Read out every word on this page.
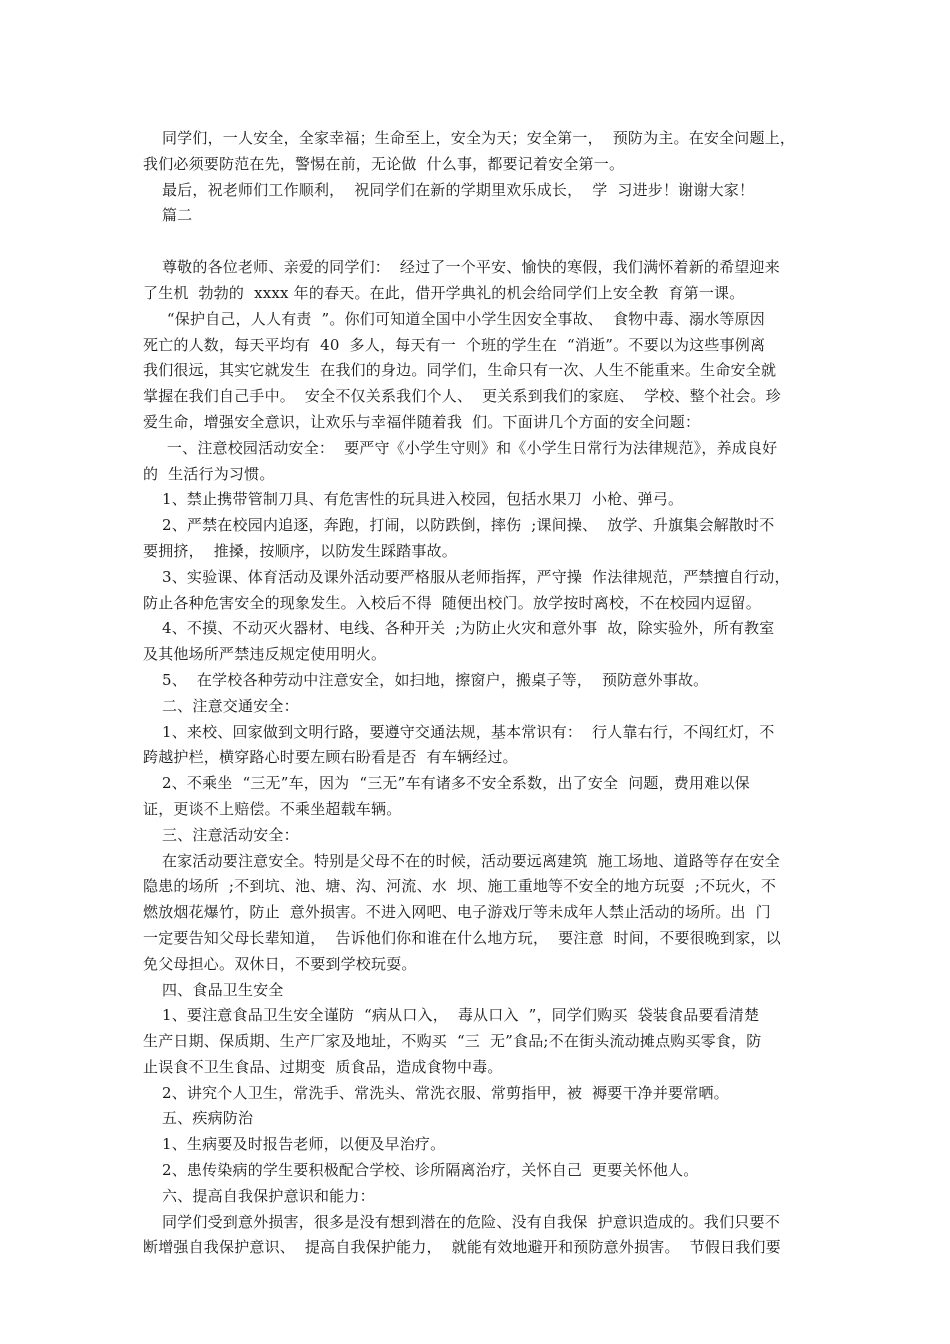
同学们，一人安全，全家幸福；生命至上，安全为天；安全第一，  预防为主。在安全问题上，
我们必须要防范在先，警惕在前，无论做  什么事，都要记着安全第一。
最后，祝老师们工作顺利，  祝同学们在新的学期里欢乐成长，  学  习进步！谢谢大家！
篇二
尊敬的各位老师、亲爱的同学们：  经过了一个平安、愉快的寒假，我们满怀着新的希望迎来
了生机  勃勃的  xxxx 年的春天。在此，借开学典礼的机会给同学们上安全教  育第一课。
“保护自己，人人有责  ”。你们可知道全国中小学生因安全事故、  食物中毒、溺水等原因
死亡的人数，每天平均有  40  多人，每天有一  个班的学生在  “消逝”。不要以为这些事例离
我们很远，其实它就发生  在我们的身边。同学们，生命只有一次、人生不能重来。生命安全就
掌握在我们自己手中。  安全不仅关系我们个人、  更关系到我们的家庭、  学校、整个社会。珍
爱生命，增强安全意识，让欢乐与幸福伴随着我  们。下面讲几个方面的安全问题：
一、注意校园活动安全：  要严守《小学生守则》和《小学生日常行为法律规范》，养成良好
的  生活行为习惯。
1、禁止携带管制刀具、有危害性的玩具进入校园，包括水果刀  小枪、弹弓。
2、严禁在校园内追逐，奔跑，打闹，以防跌倒，摔伤  ;课间操、  放学、升旗集会解散时不
要拥挤，  推搡，按顺序，以防发生踩踏事故。
3、实验课、体育活动及课外活动要严格服从老师指挥，严守操  作法律规范，严禁擅自行动，
防止各种危害安全的现象发生。入校后不得  随便出校门。放学按时离校，不在校园内逗留。
4、不摸、不动灭火器材、电线、各种开关  ;为防止火灾和意外事  故，除实验外，所有教室
及其他场所严禁违反规定使用明火。
5、  在学校各种劳动中注意安全，如扫地，擦窗户，搬桌子等，  预防意外事故。
二、注意交通安全：
1、来校、回家做到文明行路，要遵守交通法规，基本常识有：  行人靠右行，不闯红灯，不
跨越护栏，横穿路心时要左顾右盼看是否  有车辆经过。
2、不乘坐  “三无”车，因为  “三无”车有诸多不安全系数，出了安全  问题，费用难以保
证，更谈不上赔偿。不乘坐超载车辆。
三、注意活动安全：
在家活动要注意安全。特别是父母不在的时候，活动要远离建筑  施工场地、道路等存在安全
隐患的场所  ;不到坑、池、塘、沟、河流、水  坝、施工重地等不安全的地方玩耍  ;不玩火，不
燃放烟花爆竹，防止  意外损害。不进入网吧、电子游戏厅等未成年人禁止活动的场所。出  门
一定要告知父母长辈知道，  告诉他们你和谁在什么地方玩，  要注意  时间，不要很晚到家，以
免父母担心。双休日，不要到学校玩耍。
四、食品卫生安全
1、要注意食品卫生安全谨防  “病从口入，  毒从口入  ”，同学们购买  袋装食品要看清楚
生产日期、保质期、生产厂家及地址，不购买  “三  无”食品;不在街头流动摊点购买零食，防
止误食不卫生食品、过期变  质食品，造成食物中毒。
2、讲究个人卫生，常洗手、常洗头、常洗衣服、常剪指甲，被  褥要干净并要常晒。
五、疾病防治
1、生病要及时报告老师，以便及早治疗。
2、患传染病的学生要积极配合学校、诊所隔离治疗，关怀自己  更要关怀他人。
六、提高自我保护意识和能力：
同学们受到意外损害，很多是没有想到潜在的危险、没有自我保  护意识造成的。我们只要不
断增强自我保护意识、  提高自我保护能力，  就能有效地避开和预防意外损害。  节假日我们要
